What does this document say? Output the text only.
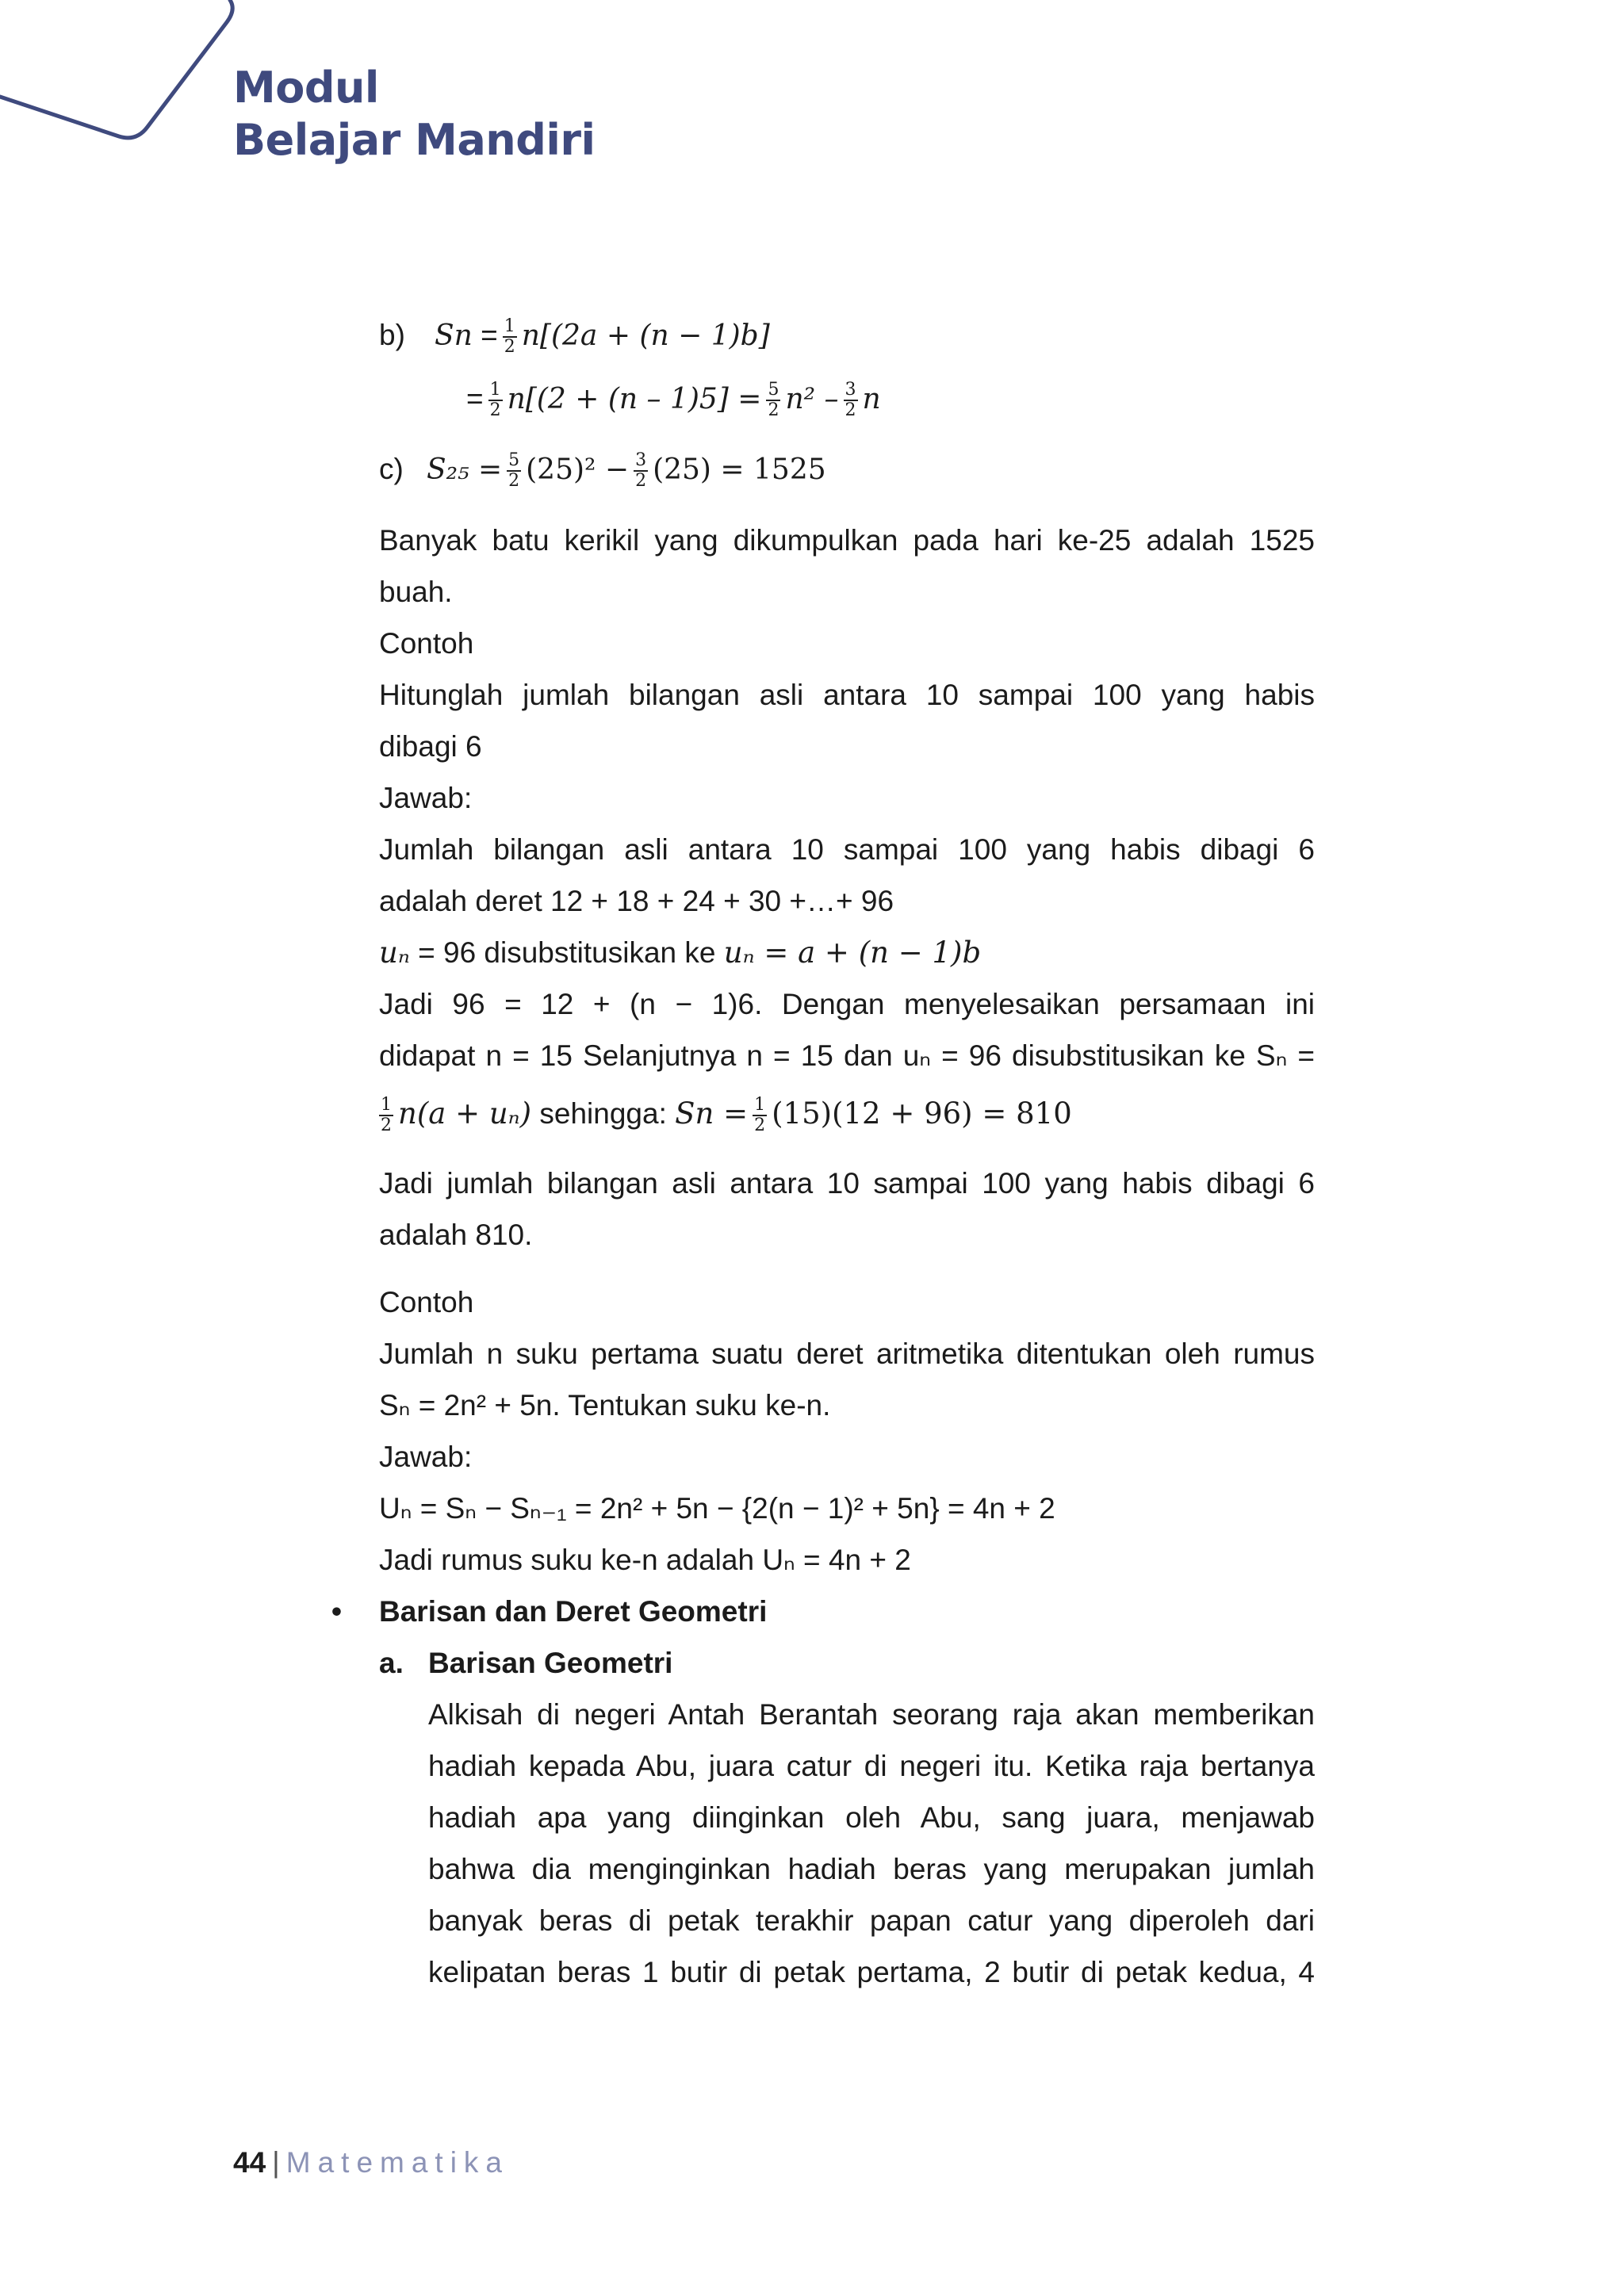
Modul
Belajar Mandiri
b) $Sn = \frac{1}{2} n[(2a + (n - 1)b]$
= $\frac{1}{2} n[(2 + (n - 1)5] = \frac{5}{2} n^2 - \frac{3}{2}$ n
c) $S_{25} = \frac{5}{2} (25)^2 - \frac{3}{2} (25) = 1525$
Banyak batu kerikil yang dikumpulkan pada hari ke-25 adalah 1525
buah.
Contoh
Hitunglah jumlah bilangan asli antara 10 sampai 100 yang habis
dibagi 6
Jawab:
Jumlah bilangan asli antara 10 sampai 100 yang habis dibagi 6
adalah deret 12 + 18 + 24 + 30 +…+ 96
uₙ = 96 disubstitusikan ke uₙ = a + (n − 1)b
Jadi 96 = 12 + (n − 1)6. Dengan menyelesaikan persamaan ini
didapat n = 15 Selanjutnya n = 15 dan uₙ = 96 disubstitusikan ke Sₙ =
$\frac{1}{2} n(a + u_n)$ sehingga: $Sn = \frac{1}{2} (15)(12 + 96) = 810$
Jadi jumlah bilangan asli antara 10 sampai 100 yang habis dibagi 6
adalah 810.
Contoh
Jumlah n suku pertama suatu deret aritmetika ditentukan oleh rumus
Sₙ = 2n² + 5n. Tentukan suku ke-n.
Jawab:
Uₙ = Sₙ − Sₙ₋₁ = 2n² + 5n − {2(n − 1)² + 5n} = 4n + 2
Jadi rumus suku ke-n adalah Uₙ = 4n + 2
• Barisan dan Deret Geometri
a. Barisan Geometri
Alkisah di negeri Antah Berantah seorang raja akan memberikan
hadiah kepada Abu, juara catur di negeri itu. Ketika raja bertanya
hadiah apa yang diinginkan oleh Abu, sang juara, menjawab
bahwa dia menginginkan hadiah beras yang merupakan jumlah
banyak beras di petak terakhir papan catur yang diperoleh dari
kelipatan beras 1 butir di petak pertama, 2 butir di petak kedua, 4
44 | Matematika
